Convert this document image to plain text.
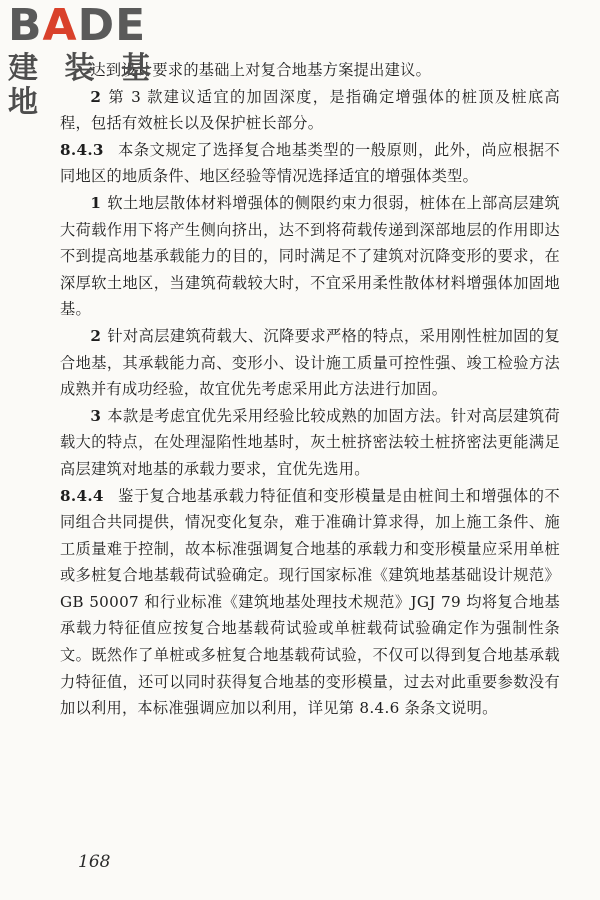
BADE
建 装 基 地

达到设计要求的基础上对复合地基方案提出建议。

2 第 3 款建议适宜的加固深度，是指确定增强体的桩顶及桩底高程，包括有效桩长以及保护桩长部分。

8.4.3 本条文规定了选择复合地基类型的一般原则，此外，尚应根据不同地区的地质条件、地区经验等情况选择适宜的增强体类型。

1 软土地层散体材料增强体的侧限约束力很弱，桩体在上部高层建筑大荷载作用下将产生侧向挤出，达不到将荷载传递到深部地层的作用即达不到提高地基承载能力的目的，同时满足不了建筑对沉降变形的要求，在深厚软土地区，当建筑荷载较大时，不宜采用柔性散体材料增强体加固地基。

2 针对高层建筑荷载大、沉降要求严格的特点，采用刚性桩加固的复合地基，其承载能力高、变形小、设计施工质量可控性强、竣工检验方法成熟并有成功经验，故宜优先考虑采用此方法进行加固。

3 本款是考虑宜优先采用经验比较成熟的加固方法。针对高层建筑荷载大的特点，在处理湿陷性地基时，灰土桩挤密法较土桩挤密法更能满足高层建筑对地基的承载力要求，宜优先选用。

8.4.4 鉴于复合地基承载力特征值和变形模量是由桩间土和增强体的不同组合共同提供，情况变化复杂，难于准确计算求得，加上施工条件、施工质量难于控制，故本标准强调复合地基的承载力和变形模量应采用单桩或多桩复合地基载荷试验确定。现行国家标准《建筑地基基础设计规范》GB 50007 和行业标准《建筑地基处理技术规范》JGJ 79 均将复合地基承载力特征值应按复合地基载荷试验或单桩载荷试验确定作为强制性条文。既然作了单桩或多桩复合地基载荷试验，不仅可以得到复合地基承载力特征值，还可以同时获得复合地基的变形模量，过去对此重要参数没有加以利用，本标准强调应加以利用，详见第 8.4.6 条条文说明。

168
